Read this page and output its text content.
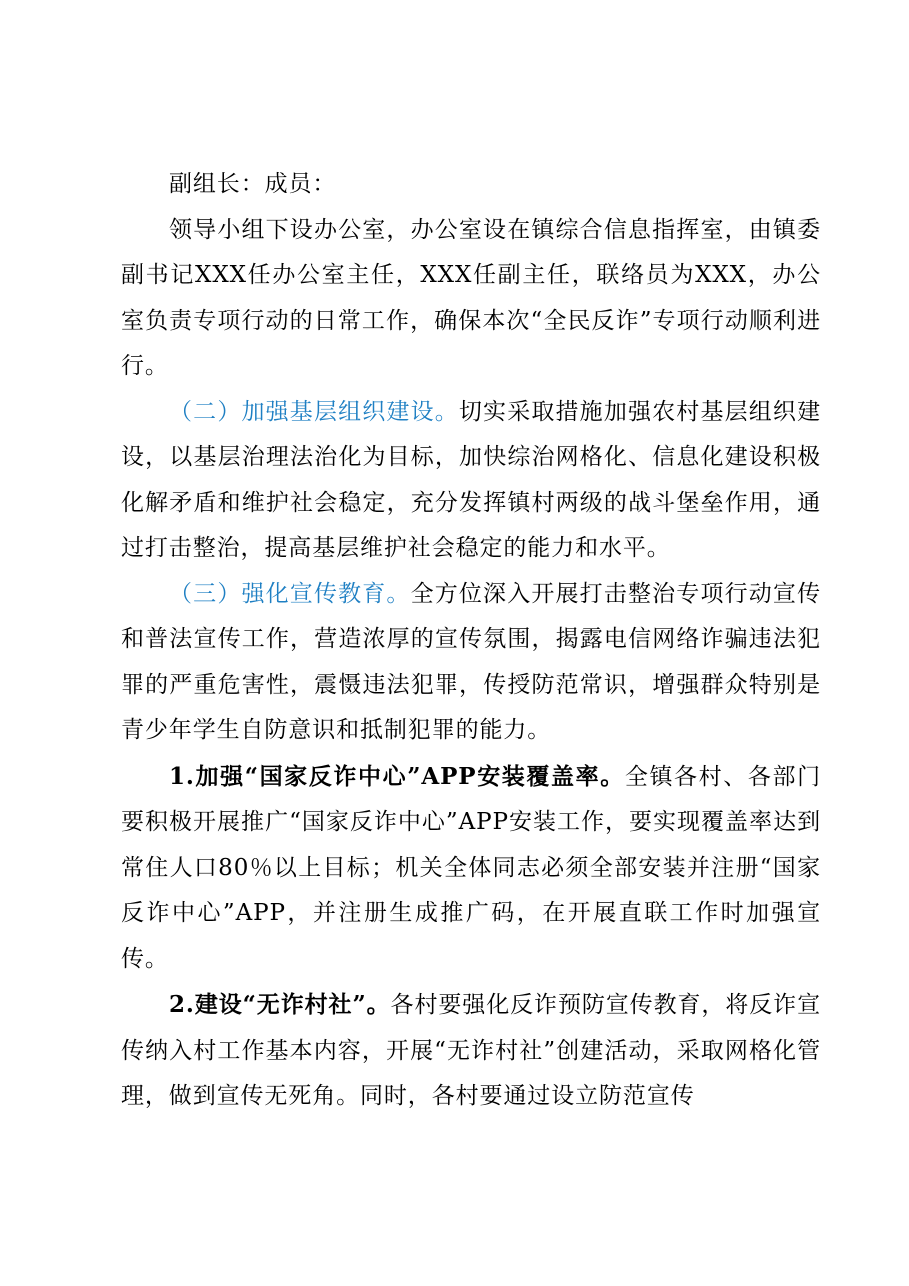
副组长：成员：

领导小组下设办公室，办公室设在镇综合信息指挥室，由镇委副书记XXX任办公室主任，XXX任副主任，联络员为XXX，办公室负责专项行动的日常工作，确保本次“全民反诈”专项行动顺利进行。

（二）加强基层组织建设。切实采取措施加强农村基层组织建设，以基层治理法治化为目标，加快综治网格化、信息化建设积极化解矛盾和维护社会稳定，充分发挥镇村两级的战斗堡垒作用，通过打击整治，提高基层维护社会稳定的能力和水平。

（三）强化宣传教育。全方位深入开展打击整治专项行动宣传和普法宣传工作，营造浓厚的宣传氛围，揭露电信网络诈骗违法犯罪的严重危害性，震慑违法犯罪，传授防范常识，增强群众特别是青少年学生自防意识和抵制犯罪的能力。

1.加强“国家反诈中心”APP安装覆盖率。全镇各村、各部门要积极开展推广“国家反诈中心”APP安装工作，要实现覆盖率达到常住人口80％以上目标；机关全体同志必须全部安装并注册“国家反诈中心”APP，并注册生成推广码，在开展直联工作时加强宣传。

2.建设“无诈村社”。各村要强化反诈预防宣传教育，将反诈宣传纳入村工作基本内容，开展“无诈村社”创建活动，采取网格化管理，做到宣传无死角。同时，各村要通过设立防范宣传
